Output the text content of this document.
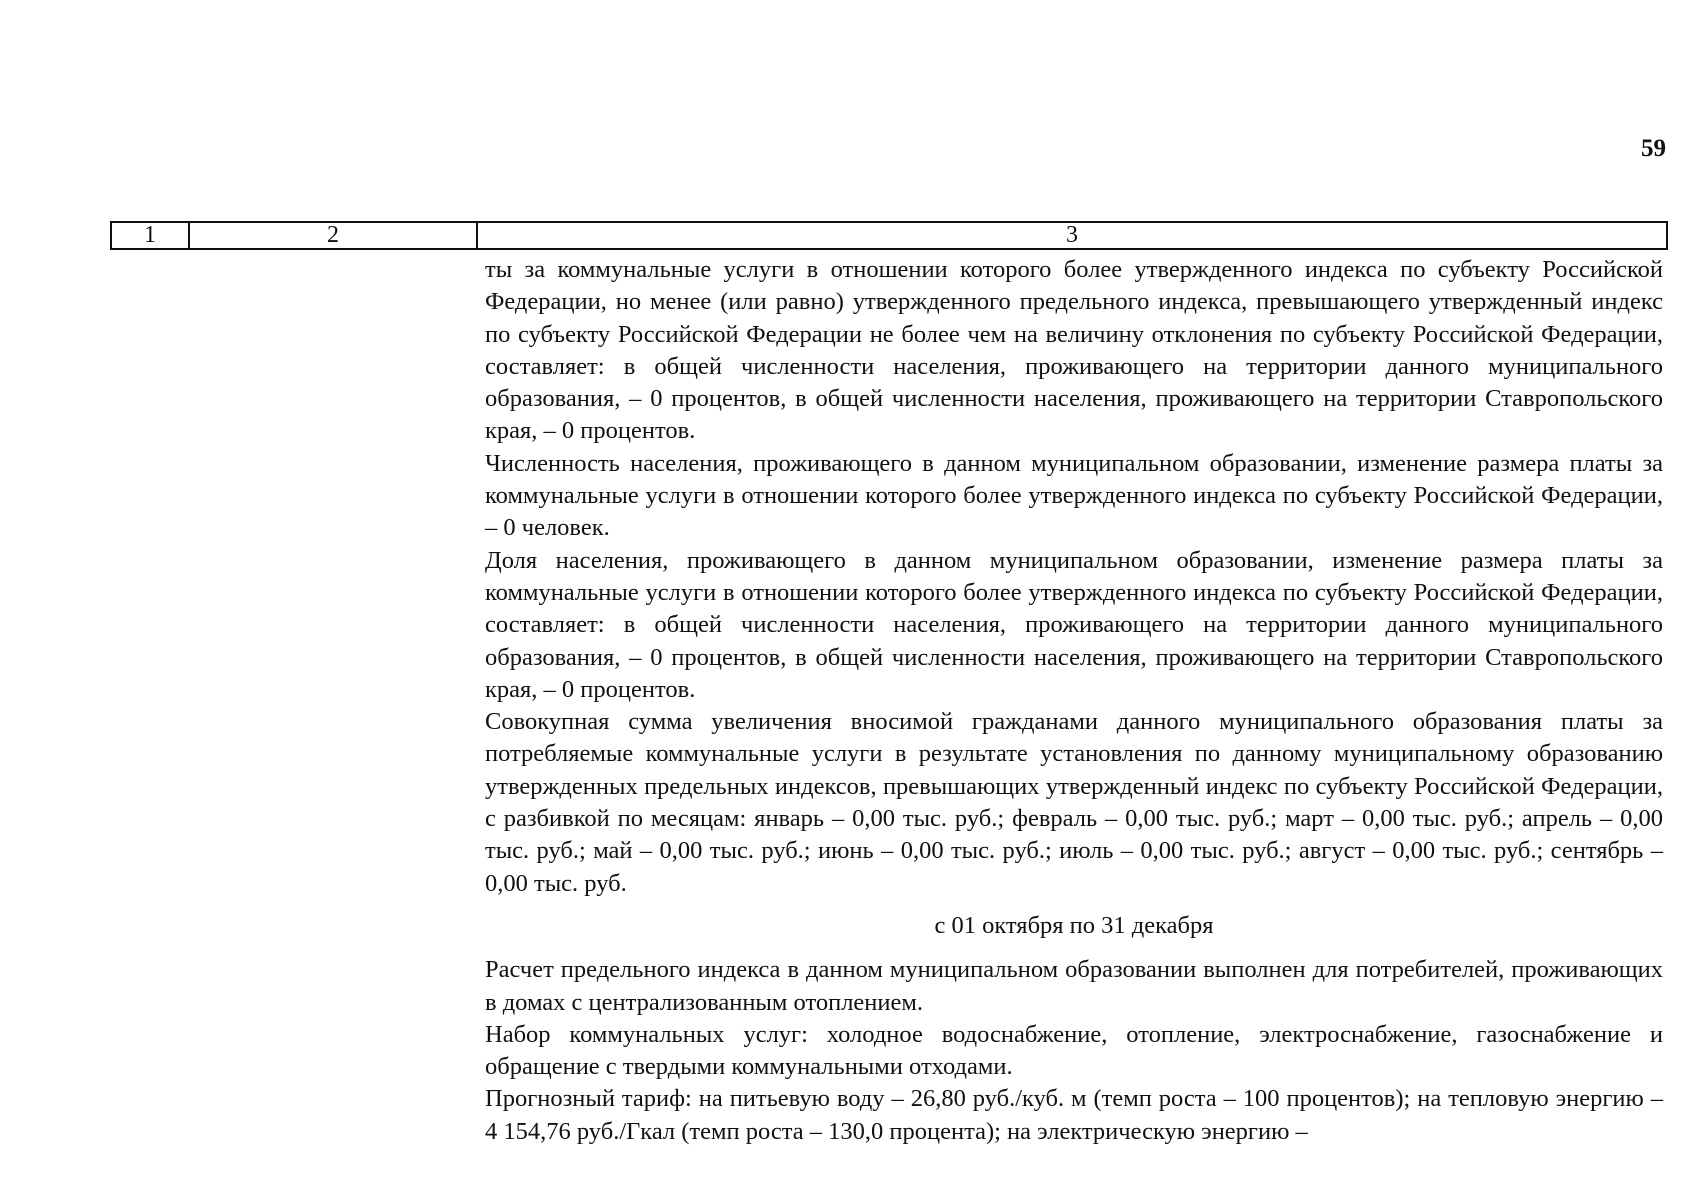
59
1	2	3

ты за коммунальные услуги в отношении которого более утвержденного индекса по субъекту Российской Федерации, но менее (или равно) утвержденного предельного индекса, превышающего утвержденный индекс по субъекту Российской Федерации не более чем на величину отклонения по субъекту Российской Федерации, составляет: в общей численности населения, проживающего на территории данного муниципального образования, – 0 процентов, в общей численности населения, проживающего на территории Ставропольского края, – 0 процентов.

Численность населения, проживающего в данном муниципальном образовании, изменение размера платы за коммунальные услуги в отношении которого более утвержденного индекса по субъекту Российской Федерации, – 0 человек.

Доля населения, проживающего в данном муниципальном образовании, изменение размера платы за коммунальные услуги в отношении которого более утвержденного индекса по субъекту Российской Федерации, составляет: в общей численности населения, проживающего на территории данного муниципального образования, – 0 процентов, в общей численности населения, проживающего на территории Ставропольского края, – 0 процентов.

Совокупная сумма увеличения вносимой гражданами данного муниципального образования платы за потребляемые коммунальные услуги в результате установления по данному муниципальному образованию утвержденных предельных индексов, превышающих утвержденный индекс по субъекту Российской Федерации, с разбивкой по месяцам: январь – 0,00 тыс. руб.; февраль – 0,00 тыс. руб.; март – 0,00 тыс. руб.; апрель – 0,00 тыс. руб.; май – 0,00 тыс. руб.; июнь – 0,00 тыс. руб.; июль – 0,00 тыс. руб.; август – 0,00 тыс. руб.; сентябрь – 0,00 тыс. руб.

с 01 октября по 31 декабря

Расчет предельного индекса в данном муниципальном образовании выполнен для потребителей, проживающих в домах с централизованным отоплением.

Набор коммунальных услуг: холодное водоснабжение, отопление, электроснабжение, газоснабжение и обращение с твердыми коммунальными отходами.

Прогнозный тариф: на питьевую воду – 26,80 руб./куб. м (темп роста – 100 процентов); на тепловую энергию – 4 154,76 руб./Гкал (темп роста – 130,0 процента); на электрическую энергию –
